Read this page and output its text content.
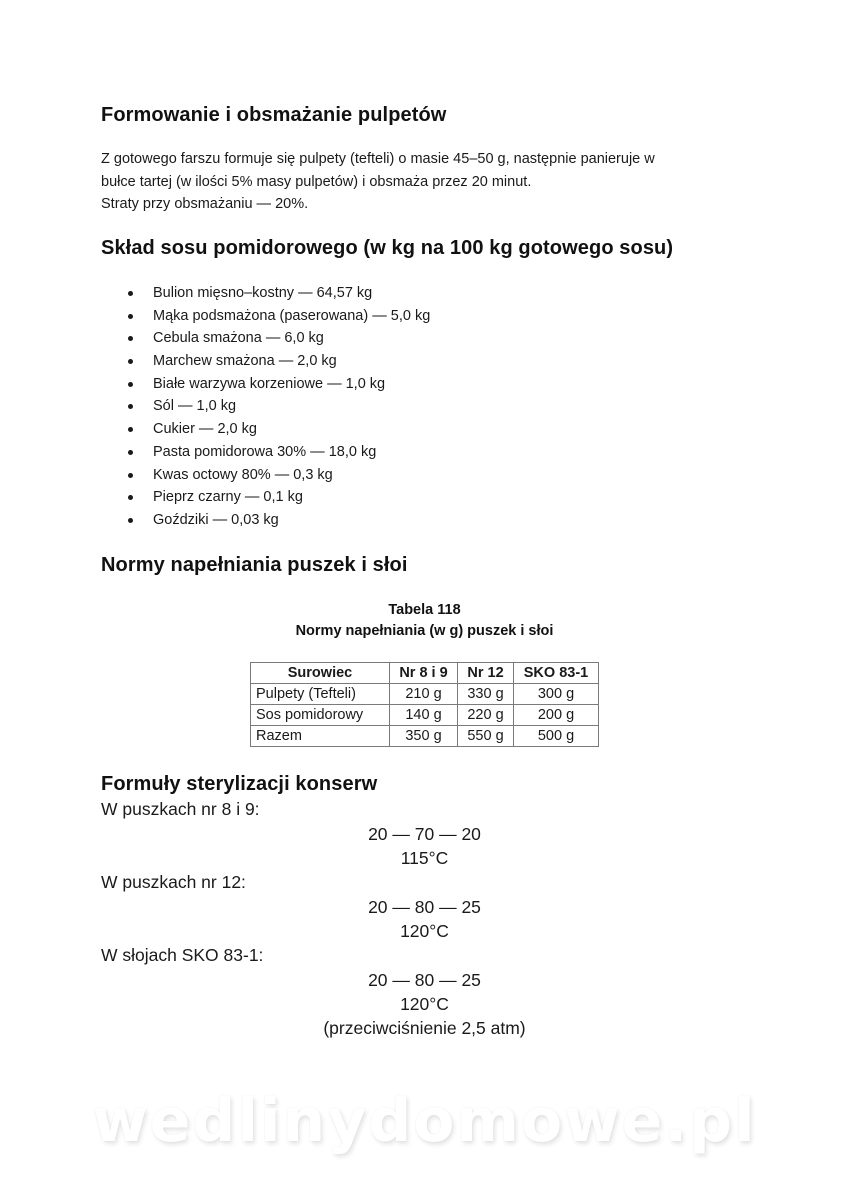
Formowanie i obsmażanie pulpetów
Z gotowego farszu formuje się pulpety (tefteli) o masie 45–50 g, następnie panieruje w
bułce tartej (w ilości 5% masy pulpetów) i obsmaża przez 20 minut.
Straty przy obsmażaniu — 20%.
Skład sosu pomidorowego (w kg na 100 kg gotowego sosu)
Bulion mięsno–kostny — 64,57 kg
Mąka podsmażona (paserowana) — 5,0 kg
Cebula smażona — 6,0 kg
Marchew smażona — 2,0 kg
Białe warzywa korzeniowe — 1,0 kg
Sól — 1,0 kg
Cukier — 2,0 kg
Pasta pomidorowa 30% — 18,0 kg
Kwas octowy 80% — 0,3 kg
Pieprz czarny — 0,1 kg
Goździki — 0,03 kg
Normy napełniania puszek i słoi
Tabela 118
Normy napełniania (w g) puszek i słoi
Surowiec	Nr 8 i 9	Nr 12	SKO 83-1
Pulpety (Tefteli)	210 g	330 g	300 g
Sos pomidorowy	140 g	220 g	200 g
Razem	350 g	550 g	500 g
Formuły sterylizacji konserw
W puszkach nr 8 i 9:
20 — 70 — 20
115°C
W puszkach nr 12:
20 — 80 — 25
120°C
W słojach SKO 83-1:
20 — 80 — 25
120°C
(przeciwciśnienie 2,5 atm)
wedlinydomowe.pl
